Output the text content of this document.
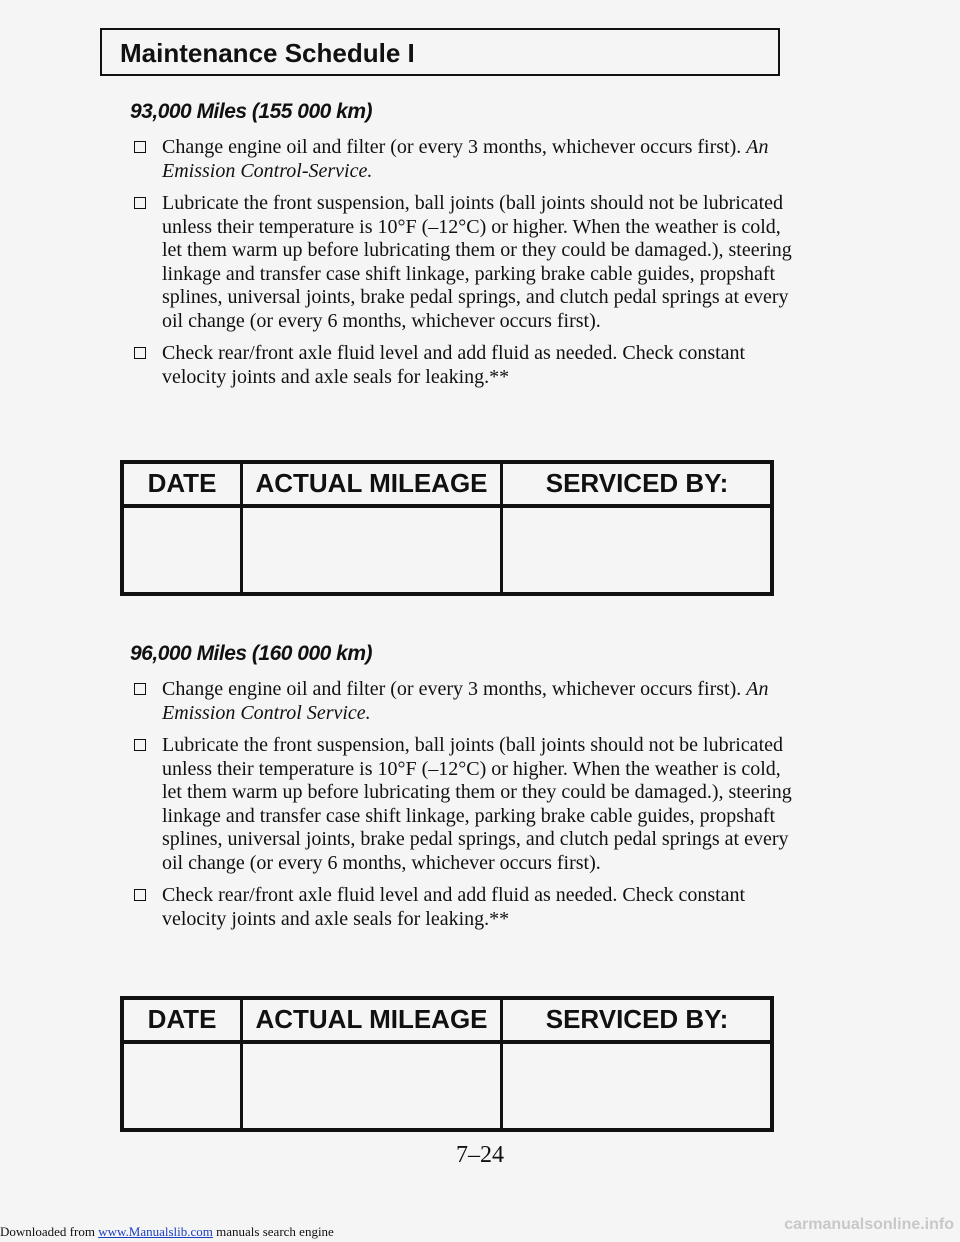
Maintenance Schedule I
93,000 Miles (155 000 km)
Change engine oil and filter (or every 3 months, whichever occurs first). An Emission Control-Service.
Lubricate the front suspension, ball joints (ball joints should not be lubricated unless their temperature is 10°F (–12°C) or higher. When the weather is cold, let them warm up before lubricating them or they could be damaged.), steering linkage and transfer case shift linkage, parking brake cable guides, propshaft splines, universal joints, brake pedal springs, and clutch pedal springs at every oil change (or every 6 months, whichever occurs first).
Check rear/front axle fluid level and add fluid as needed. Check constant velocity joints and axle seals for leaking.**
DATE	ACTUAL MILEAGE	SERVICED BY:
96,000 Miles (160 000 km)
Change engine oil and filter (or every 3 months, whichever occurs first). An Emission Control Service.
Lubricate the front suspension, ball joints (ball joints should not be lubricated unless their temperature is 10°F (–12°C) or higher. When the weather is cold, let them warm up before lubricating them or they could be damaged.), steering linkage and transfer case shift linkage, parking brake cable guides, propshaft splines, universal joints, brake pedal springs, and clutch pedal springs at every oil change (or every 6 months, whichever occurs first).
Check rear/front axle fluid level and add fluid as needed. Check constant velocity joints and axle seals for leaking.**
DATE	ACTUAL MILEAGE	SERVICED BY:
7–24
Downloaded from www.Manualslib.com manuals search engine	carmanualsonline.info
